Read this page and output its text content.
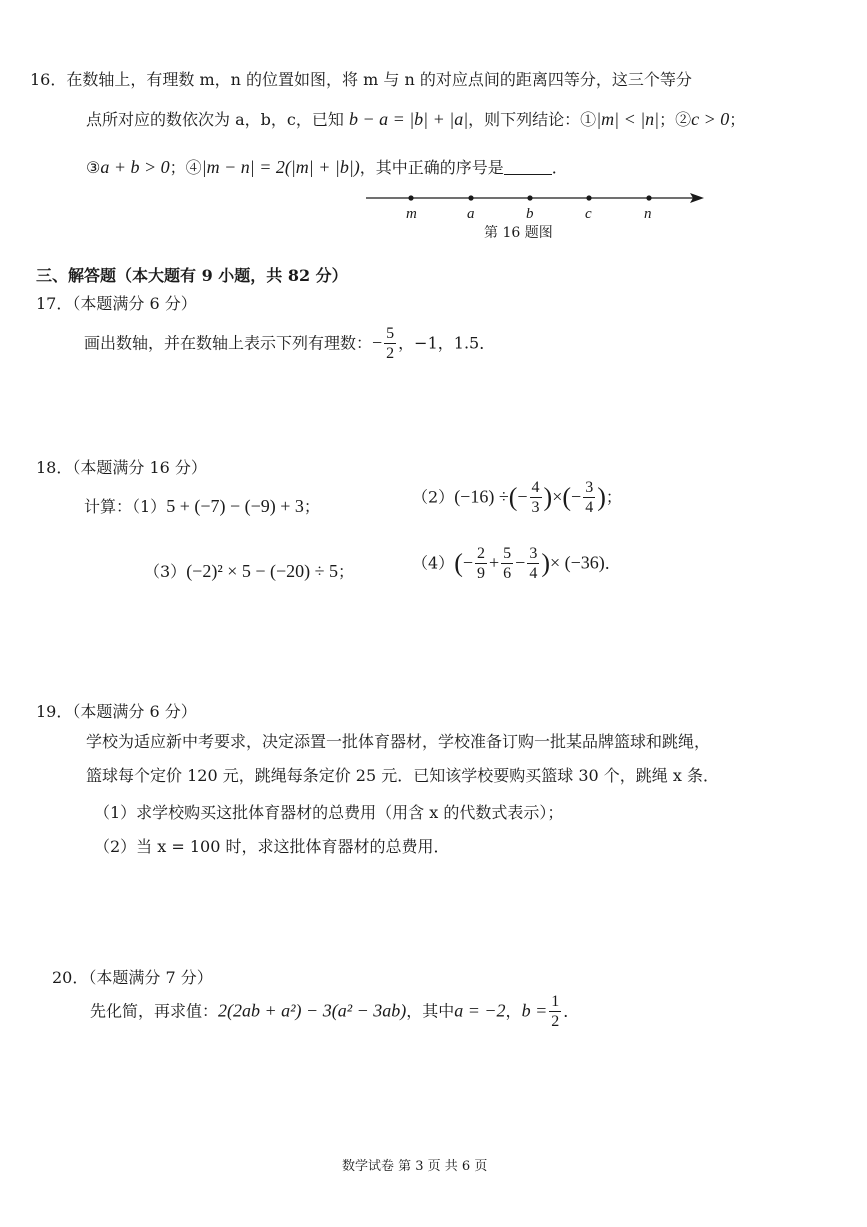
16．在数轴上，有理数 m，n 的位置如图，将 m 与 n 的对应点间的距离四等分，这三个等分
点所对应的数依次为 a，b，c，已知 b − a = |b| + |a|，则下列结论：①|m| < |n|；②c > 0；
③a + b > 0；④|m − n| = 2(|m| + |b|)，其中正确的序号是	．
m	a	b	c	n
第 16 题图
三、解答题（本大题有 9 小题，共 82 分）
17．（本题满分 6 分）
画出数轴，并在数轴上表示下列有理数：− $\frac{5}{2}$ ，−1，1.5．
18．（本题满分 16 分）
计算：（1）5 + (−7) − (−9) + 3；	（2）(−16) ÷(− $\frac{4}{3}$ )×(− $\frac{3}{4}$ )；
（3）(−2)² × 5 − (−20) ÷ 5；	$(4)(- \frac{2}{9} + \frac{5}{6} - \frac{3}{4}$ )× (−36)．
19．（本题满分 6 分）
学校为适应新中考要求，决定添置一批体育器材，学校准备订购一批某品牌篮球和跳绳，
篮球每个定价 120 元，跳绳每条定价 25 元．已知该学校要购买篮球 30 个，跳绳 x 条．
（1）求学校购买这批体育器材的总费用（用含 x 的代数式表示）；
（2）当 x = 100 时，求这批体育器材的总费用．
20．（本题满分 7 分）
先化简，再求值：2(2ab + a²) − 3(a² − 3ab)，其中a = −2，$b = \frac{1}{2}$ ．
数学试卷 第 3 页 共 6 页
